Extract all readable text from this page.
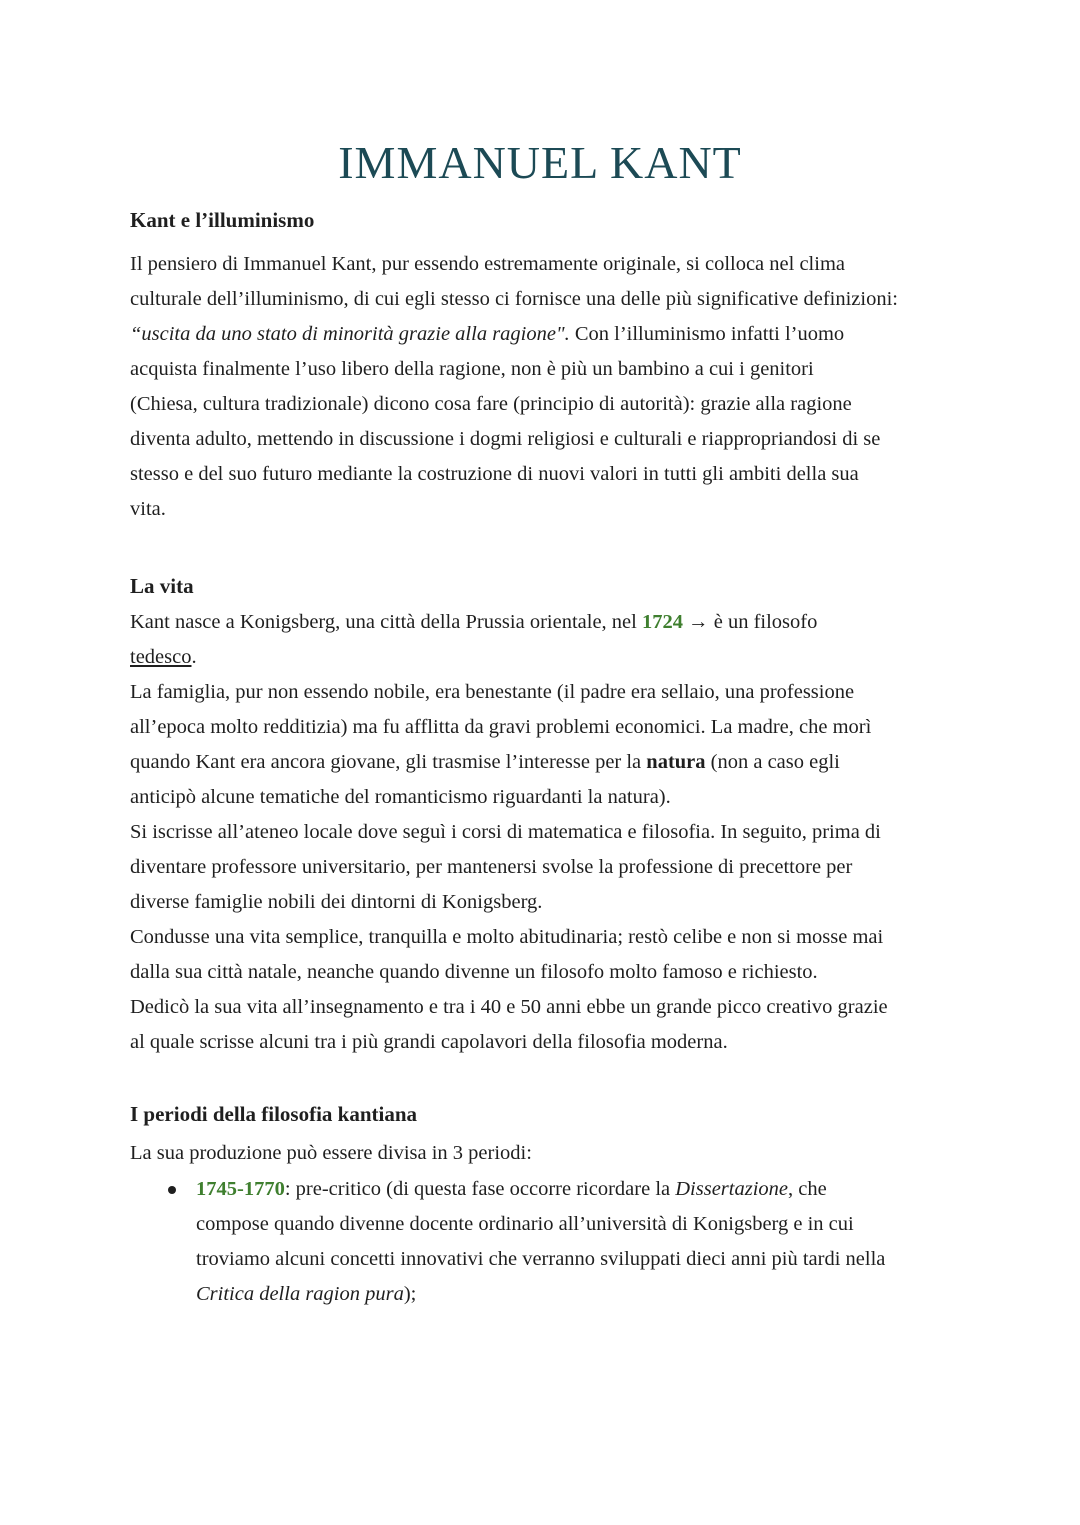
IMMANUEL KANT
Kant e l’illuminismo

Il pensiero di Immanuel Kant, pur essendo estremamente originale, si colloca nel clima
culturale dell’illuminismo, di cui egli stesso ci fornisce una delle più significative definizioni:
“uscita da uno stato di minorità grazie alla ragione". Con l’illuminismo infatti l’uomo
acquista finalmente l’uso libero della ragione, non è più un bambino a cui i genitori
(Chiesa, cultura tradizionale) dicono cosa fare (principio di autorità): grazie alla ragione
diventa adulto, mettendo in discussione i dogmi religiosi e culturali e riappropriandosi di se
stesso e del suo futuro mediante la costruzione di nuovi valori in tutti gli ambiti della sua
vita.

La vita

Kant nasce a Konigsberg, una città della Prussia orientale, nel 1724 → è un filosofo
tedesco.
La famiglia, pur non essendo nobile, era benestante (il padre era sellaio, una professione
all’epoca molto redditizia) ma fu afflitta da gravi problemi economici. La madre, che morì
quando Kant era ancora giovane, gli trasmise l’interesse per la natura (non a caso egli
anticipò alcune tematiche del romanticismo riguardanti la natura).
Si iscrisse all’ateneo locale dove seguì i corsi di matematica e filosofia. In seguito, prima di
diventare professore universitario, per mantenersi svolse la professione di precettore per
diverse famiglie nobili dei dintorni di Konigsberg.
Condusse una vita semplice, tranquilla e molto abitudinaria; restò celibe e non si mosse mai
dalla sua città natale, neanche quando divenne un filosofo molto famoso e richiesto.
Dedicò la sua vita all’insegnamento e tra i 40 e 50 anni ebbe un grande picco creativo grazie
al quale scrisse alcuni tra i più grandi capolavori della filosofia moderna.

I periodi della filosofia kantiana

La sua produzione può essere divisa in 3 periodi:

1745-1770: pre-critico (di questa fase occorre ricordare la Dissertazione, che
compose quando divenne docente ordinario all’università di Konigsberg e in cui
troviamo alcuni concetti innovativi che verranno sviluppati dieci anni più tardi nella
Critica della ragion pura);
